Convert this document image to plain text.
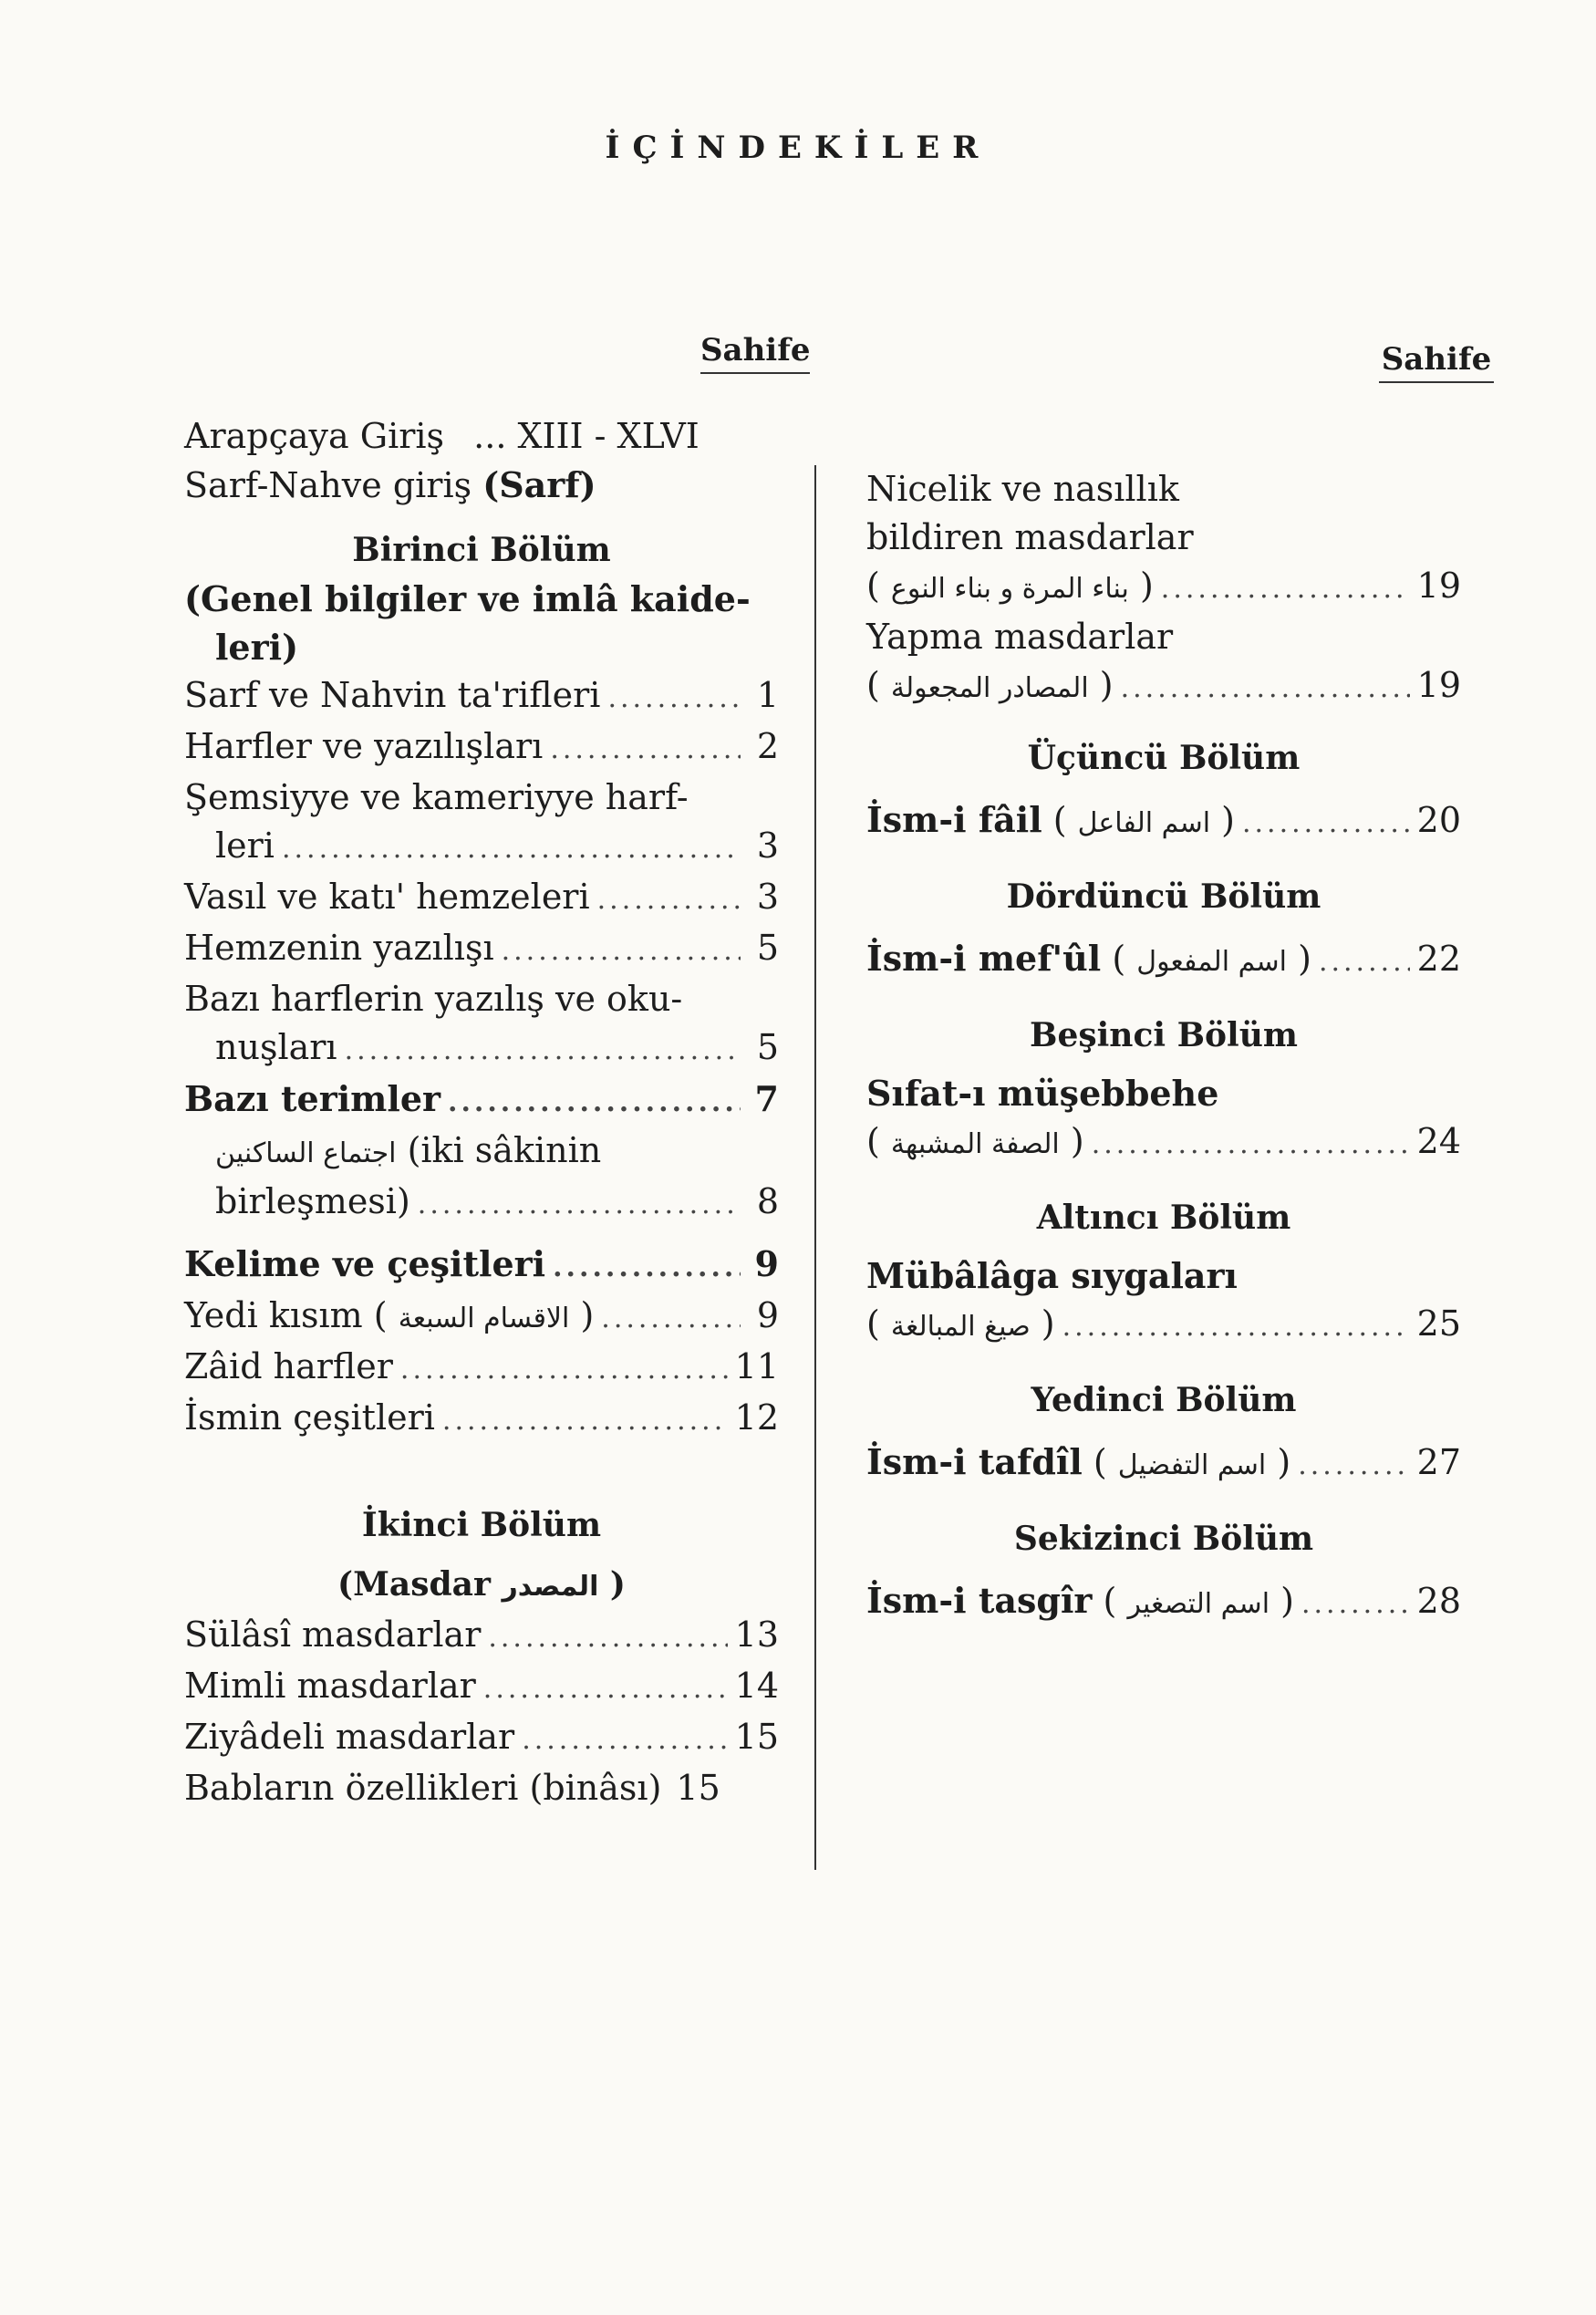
İÇİNDEKİLER
Sahife	Sahife
Arapçaya Giriş ... XIII - XLVI
Sarf-Nahve giriş (Sarf)
Birinci Bölüm
(Genel bilgiler ve imlâ kaide-
leri)
Sarf ve Nahvin ta'rifleri .....	1
Harfler ve yazılışları .....	2
Şemsiyye ve kameriyye harf-
leri .....	3
Vasıl ve katı' hemzeleri .....	3
Hemzenin yazılışı .....	5
Bazı harflerin yazılış ve oku-
nuşları .....	5
Bazı terimler .....	7
اجتماع الساكنين (iki sâkinin
birleşmesi) .....	8
Kelime ve çeşitleri .....	9
Yedi kısım ( الاقسام السبعة ) .....	9
Zâid harfler .....	11
İsmin çeşitleri .....	12
İkinci Bölüm
(Masdar المصدر )
Sülâsî masdarlar .....	13
Mimli masdarlar .....	14
Ziyâdeli masdarlar .....	15
Babların özellikleri (binâsı) 15
Nicelik ve nasıllık
bildiren masdarlar
( بناء المرة و بناء النوع ) .....	19
Yapma masdarlar
( المصادر المجعولة ) .....	19
Üçüncü Bölüm
İsm-i fâil ( اسم الفاعل ) .....	20
Dördüncü Bölüm
İsm-i mef'ûl ( اسم المفعول ) .....	22
Beşinci Bölüm
Sıfat-ı müşebbehe
( الصفة المشبهة ) .....	24
Altıncı Bölüm
Mübâlâga sıygaları
( صيغ المبالغة ) .....	25
Yedinci Bölüm
İsm-i tafdîl ( اسم التفضيل ) .....	27
Sekizinci Bölüm
İsm-i tasgîr ( اسم التصغير ) .....	28
